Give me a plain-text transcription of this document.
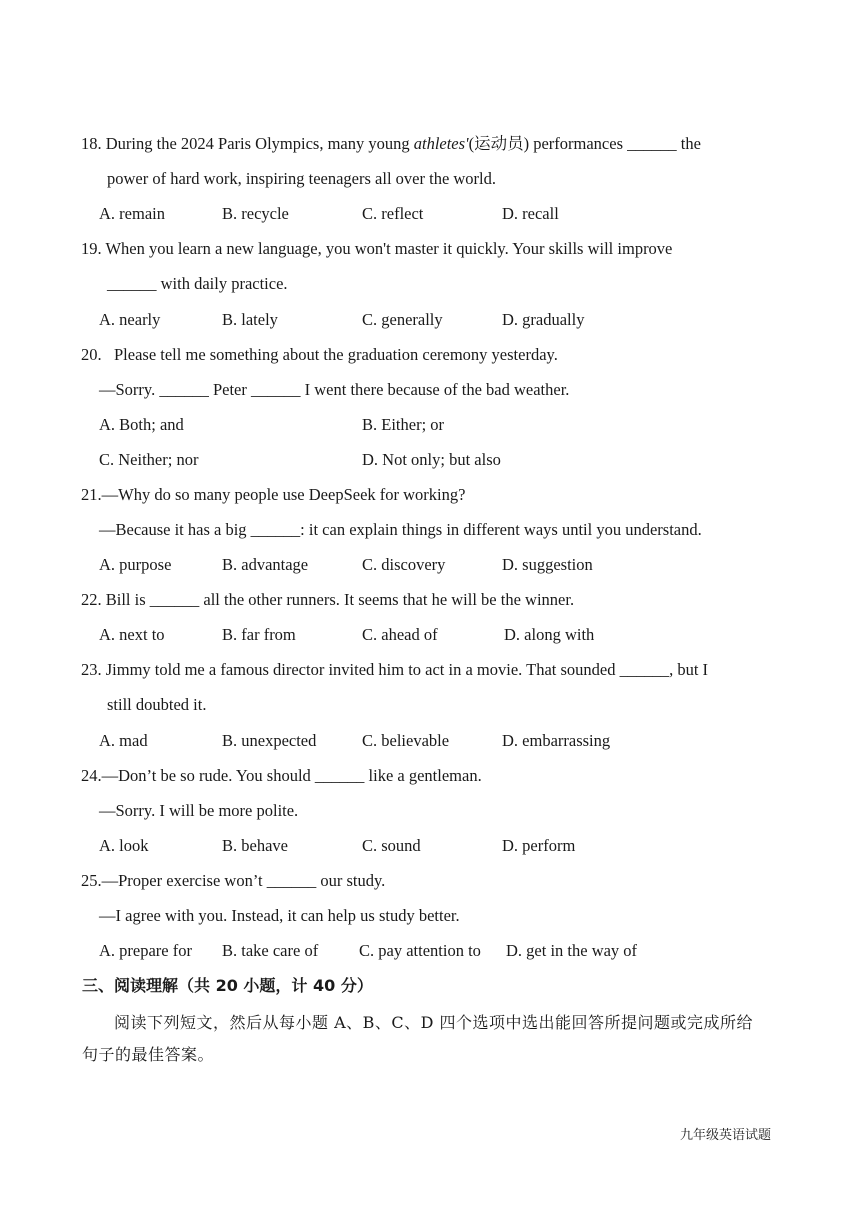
18. During the 2024 Paris Olympics, many young athletes'(运动员) performances ______ the
power of hard work, inspiring teenagers all over the world.
A. remain	B. recycle	C. reflect	D. recall
19. When you learn a new language, you won't master it quickly. Your skills will improve
______ with daily practice.
A. nearly	B. lately	C. generally	D. gradually
20.   Please tell me something about the graduation ceremony yesterday.
—Sorry. ______ Peter ______ I went there because of the bad weather.
A. Both; and	B. Either; or
C. Neither; nor	D. Not only; but also
21.—Why do so many people use DeepSeek for working?
—Because it has a big ______: it can explain things in different ways until you understand.
A. purpose	B. advantage	C. discovery	D. suggestion
22. Bill is ______ all the other runners. It seems that he will be the winner.
A. next to	B. far from	C. ahead of	D. along with
23. Jimmy told me a famous director invited him to act in a movie. That sounded ______, but I
still doubted it.
A. mad	B. unexpected	C. believable	D. embarrassing
24.—Don’t be so rude. You should ______ like a gentleman.
—Sorry. I will be more polite.
A. look	B. behave	C. sound	D. perform
25.—Proper exercise won’t ______ our study.
—I agree with you. Instead, it can help us study better.
A. prepare for B. take care of C. pay attention to D. get in the way of
三、阅读理解（共 20 小题，计 40 分）
阅读下列短文，然后从每小题 A、B、C、D 四个选项中选出能回答所提问题或完成所给
句子的最佳答案。
九年级英语试题
